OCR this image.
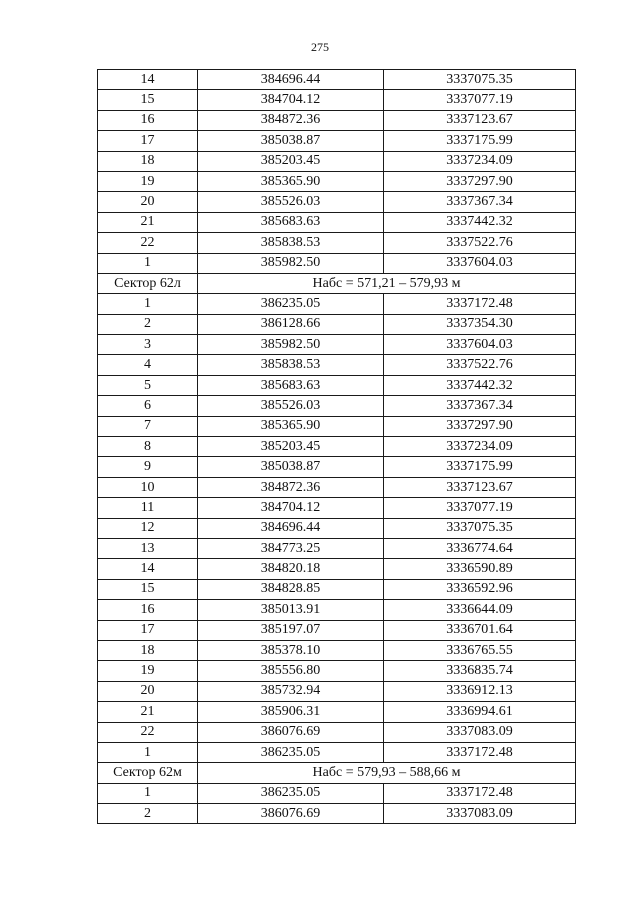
275
14	384696.44	3337075.35
15	384704.12	3337077.19
16	384872.36	3337123.67
17	385038.87	3337175.99
18	385203.45	3337234.09
19	385365.90	3337297.90
20	385526.03	3337367.34
21	385683.63	3337442.32
22	385838.53	3337522.76
1	385982.50	3337604.03
Сектор 62л	Набс = 571,21 – 579,93 м	
1	386235.05	3337172.48
2	386128.66	3337354.30
3	385982.50	3337604.03
4	385838.53	3337522.76
5	385683.63	3337442.32
6	385526.03	3337367.34
7	385365.90	3337297.90
8	385203.45	3337234.09
9	385038.87	3337175.99
10	384872.36	3337123.67
11	384704.12	3337077.19
12	384696.44	3337075.35
13	384773.25	3336774.64
14	384820.18	3336590.89
15	384828.85	3336592.96
16	385013.91	3336644.09
17	385197.07	3336701.64
18	385378.10	3336765.55
19	385556.80	3336835.74
20	385732.94	3336912.13
21	385906.31	3336994.61
22	386076.69	3337083.09
1	386235.05	3337172.48
Сектор 62м	Набс = 579,93 – 588,66 м	
1	386235.05	3337172.48
2	386076.69	3337083.09
